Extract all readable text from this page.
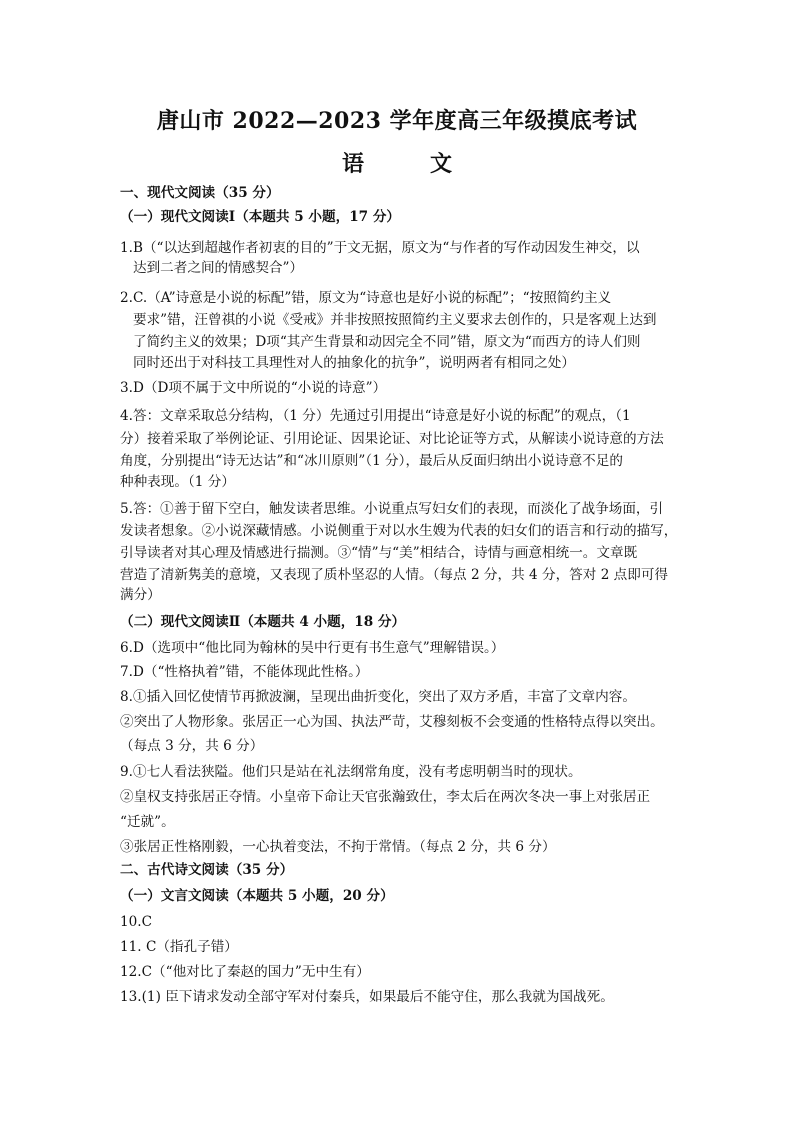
唐山市 2022—2023 学年度高三年级摸底考试
语　文
一、现代文阅读（35 分）
（一）现代文阅读Ⅰ（本题共 5 小题，17 分）
1.B（“以达到超越作者初衷的目的”于文无据，原文为“与作者的写作动因发生神交，以
达到二者之间的情感契合”）
2.C.（A”诗意是小说的标配”错，原文为“诗意也是好小说的标配”；“按照简约主义
要求”错，汪曾祺的小说《受戒》并非按照按照简约主义要求去创作的，只是客观上达到
了简约主义的效果；D项“其产生背景和动因完全不同”错，原文为“而西方的诗人们则
同时还出于对科技工具理性对人的抽象化的抗争”，说明两者有相同之处）
3.D（D项不属于文中所说的“小说的诗意”）
4.答：文章采取总分结构，（1 分）先通过引用提出“诗意是好小说的标配”的观点，（1
分）接着采取了举例论证、引用论证、因果论证、对比论证等方式，从解读小说诗意的方法
角度，分别提出“诗无达诂”和“冰川原则”（1 分），最后从反面归纳出小说诗意不足的
种种表现。（1 分）
5.答：①善于留下空白，触发读者思维。小说重点写妇女们的表现，而淡化了战争场面，引
发读者想象。②小说深藏情感。小说侧重于对以水生嫂为代表的妇女们的语言和行动的描写，
引导读者对其心理及情感进行揣测。③“情”与“美”相结合，诗情与画意相统一。文章既
营造了清新隽美的意境，又表现了质朴坚忍的人情。（每点 2 分，共 4 分，答对 2 点即可得
满分）
（二）现代文阅读Ⅱ（本题共 4 小题，18 分）
6.D（选项中“他比同为翰林的吴中行更有书生意气”理解错误。）
7.D（“性格执着”错，不能体现此性格。）
8.①插入回忆使情节再掀波澜，呈现出曲折变化，突出了双方矛盾，丰富了文章内容。
②突出了人物形象。张居正一心为国、执法严苛，艾穆刻板不会变通的性格特点得以突出。
（每点 3 分，共 6 分）
9.①七人看法狭隘。他们只是站在礼法纲常角度，没有考虑明朝当时的现状。
②皇权支持张居正夺情。小皇帝下命让天官张瀚致仕，李太后在两次冬决一事上对张居正
“迁就”。
③张居正性格刚毅，一心执着变法，不拘于常情。（每点 2 分，共 6 分）
二、古代诗文阅读（35 分）
（一）文言文阅读（本题共 5 小题，20 分）
10.C
11. C（指孔子错）
12.C（“他对比了秦赵的国力”无中生有）
13.(1) 臣下请求发动全部守军对付秦兵，如果最后不能守住，那么我就为国战死。
